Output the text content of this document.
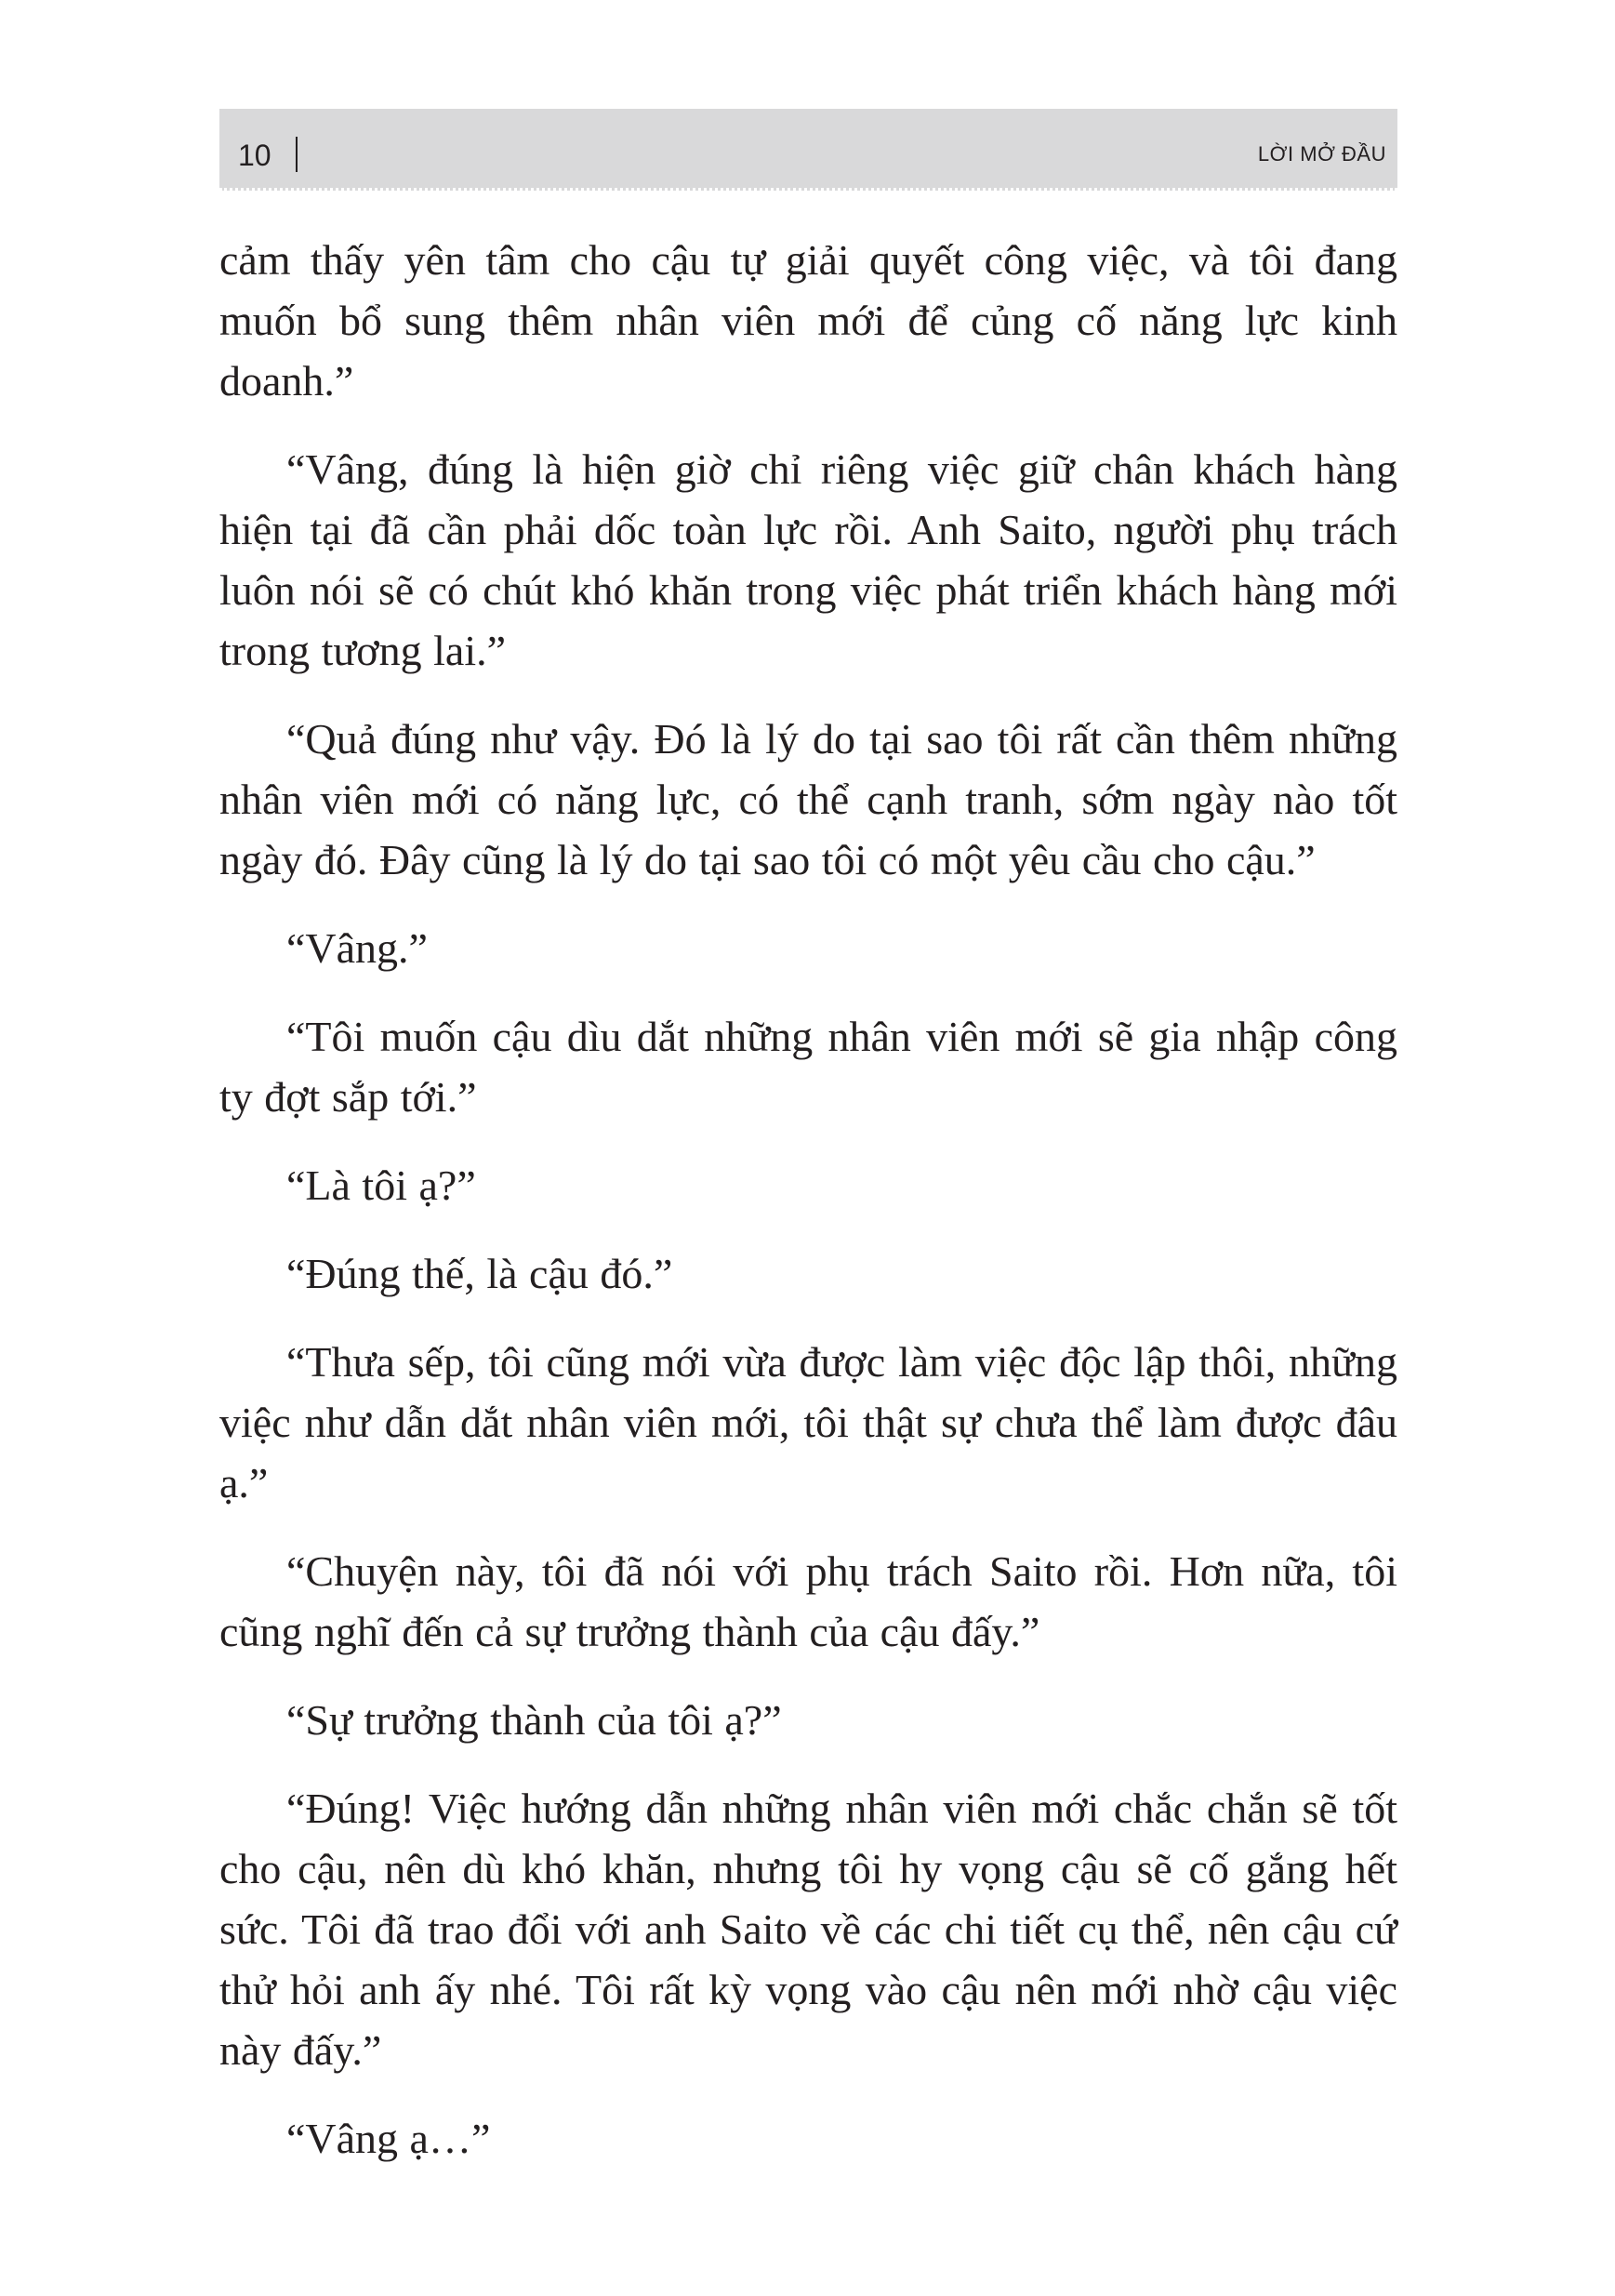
10	LỜI MỞ ĐẦU

cảm thấy yên tâm cho cậu tự giải quyết công việc, và tôi đang muốn bổ sung thêm nhân viên mới để củng cố năng lực kinh doanh.”

“Vâng, đúng là hiện giờ chỉ riêng việc giữ chân khách hàng hiện tại đã cần phải dốc toàn lực rồi. Anh Saito, người phụ trách luôn nói sẽ có chút khó khăn trong việc phát triển khách hàng mới trong tương lai.”

“Quả đúng như vậy. Đó là lý do tại sao tôi rất cần thêm những nhân viên mới có năng lực, có thể cạnh tranh, sớm ngày nào tốt ngày đó. Đây cũng là lý do tại sao tôi có một yêu cầu cho cậu.”

“Vâng.”

“Tôi muốn cậu dìu dắt những nhân viên mới sẽ gia nhập công ty đợt sắp tới.”

“Là tôi ạ?”

“Đúng thế, là cậu đó.”

“Thưa sếp, tôi cũng mới vừa được làm việc độc lập thôi, những việc như dẫn dắt nhân viên mới, tôi thật sự chưa thể làm được đâu ạ.”

“Chuyện này, tôi đã nói với phụ trách Saito rồi. Hơn nữa, tôi cũng nghĩ đến cả sự trưởng thành của cậu đấy.”

“Sự trưởng thành của tôi ạ?”

“Đúng! Việc hướng dẫn những nhân viên mới chắc chắn sẽ tốt cho cậu, nên dù khó khăn, nhưng tôi hy vọng cậu sẽ cố gắng hết sức. Tôi đã trao đổi với anh Saito về các chi tiết cụ thể, nên cậu cứ thử hỏi anh ấy nhé. Tôi rất kỳ vọng vào cậu nên mới nhờ cậu việc này đấy.”

“Vâng ạ…”
